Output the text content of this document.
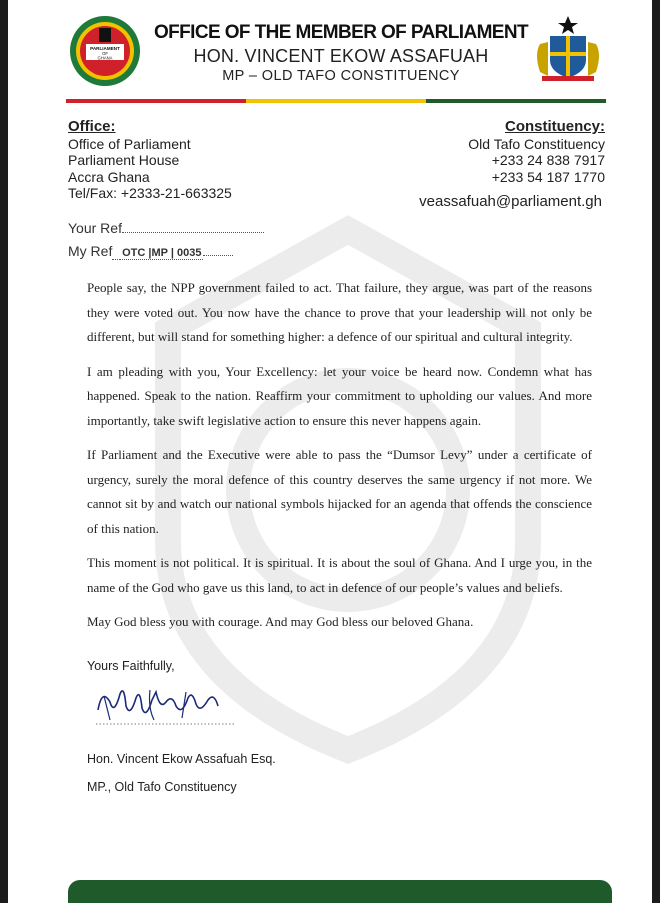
PARLIAMENT
OF
GHANA
OFFICE OF THE MEMBER OF PARLIAMENT
HON. VINCENT EKOW ASSAFUAH
MP – OLD TAFO CONSTITUENCY
Office:
Office of Parliament
Parliament House
Accra Ghana
Tel/Fax: +2333-21-663325
Constituency:
Old Tafo Constituency
+233 24 838 7917
+233 54 187 1770
veassafuah@parliament.gh
Your Ref
My Ref OTC |MP | 0035

People say, the NPP government failed to act. That failure, they argue, was part of the reasons they were voted out. You now have the chance to prove that your leadership will not only be different, but will stand for something higher: a defence of our spiritual and cultural integrity.

I am pleading with you, Your Excellency: let your voice be heard now. Condemn what has happened. Speak to the nation. Reaffirm your commitment to upholding our values. And more importantly, take swift legislative action to ensure this never happens again.

If Parliament and the Executive were able to pass the “Dumsor Levy” under a certificate of urgency, surely the moral defence of this country deserves the same urgency if not more. We cannot sit by and watch our national symbols hijacked for an agenda that offends the conscience of this nation.

This moment is not political. It is spiritual. It is about the soul of Ghana. And I urge you, in the name of the God who gave us this land, to act in defence of our people’s values and beliefs.

May God bless you with courage. And may God bless our beloved Ghana.

Yours Faithfully,
Hon. Vincent Ekow Assafuah Esq.
MP., Old Tafo Constituency
